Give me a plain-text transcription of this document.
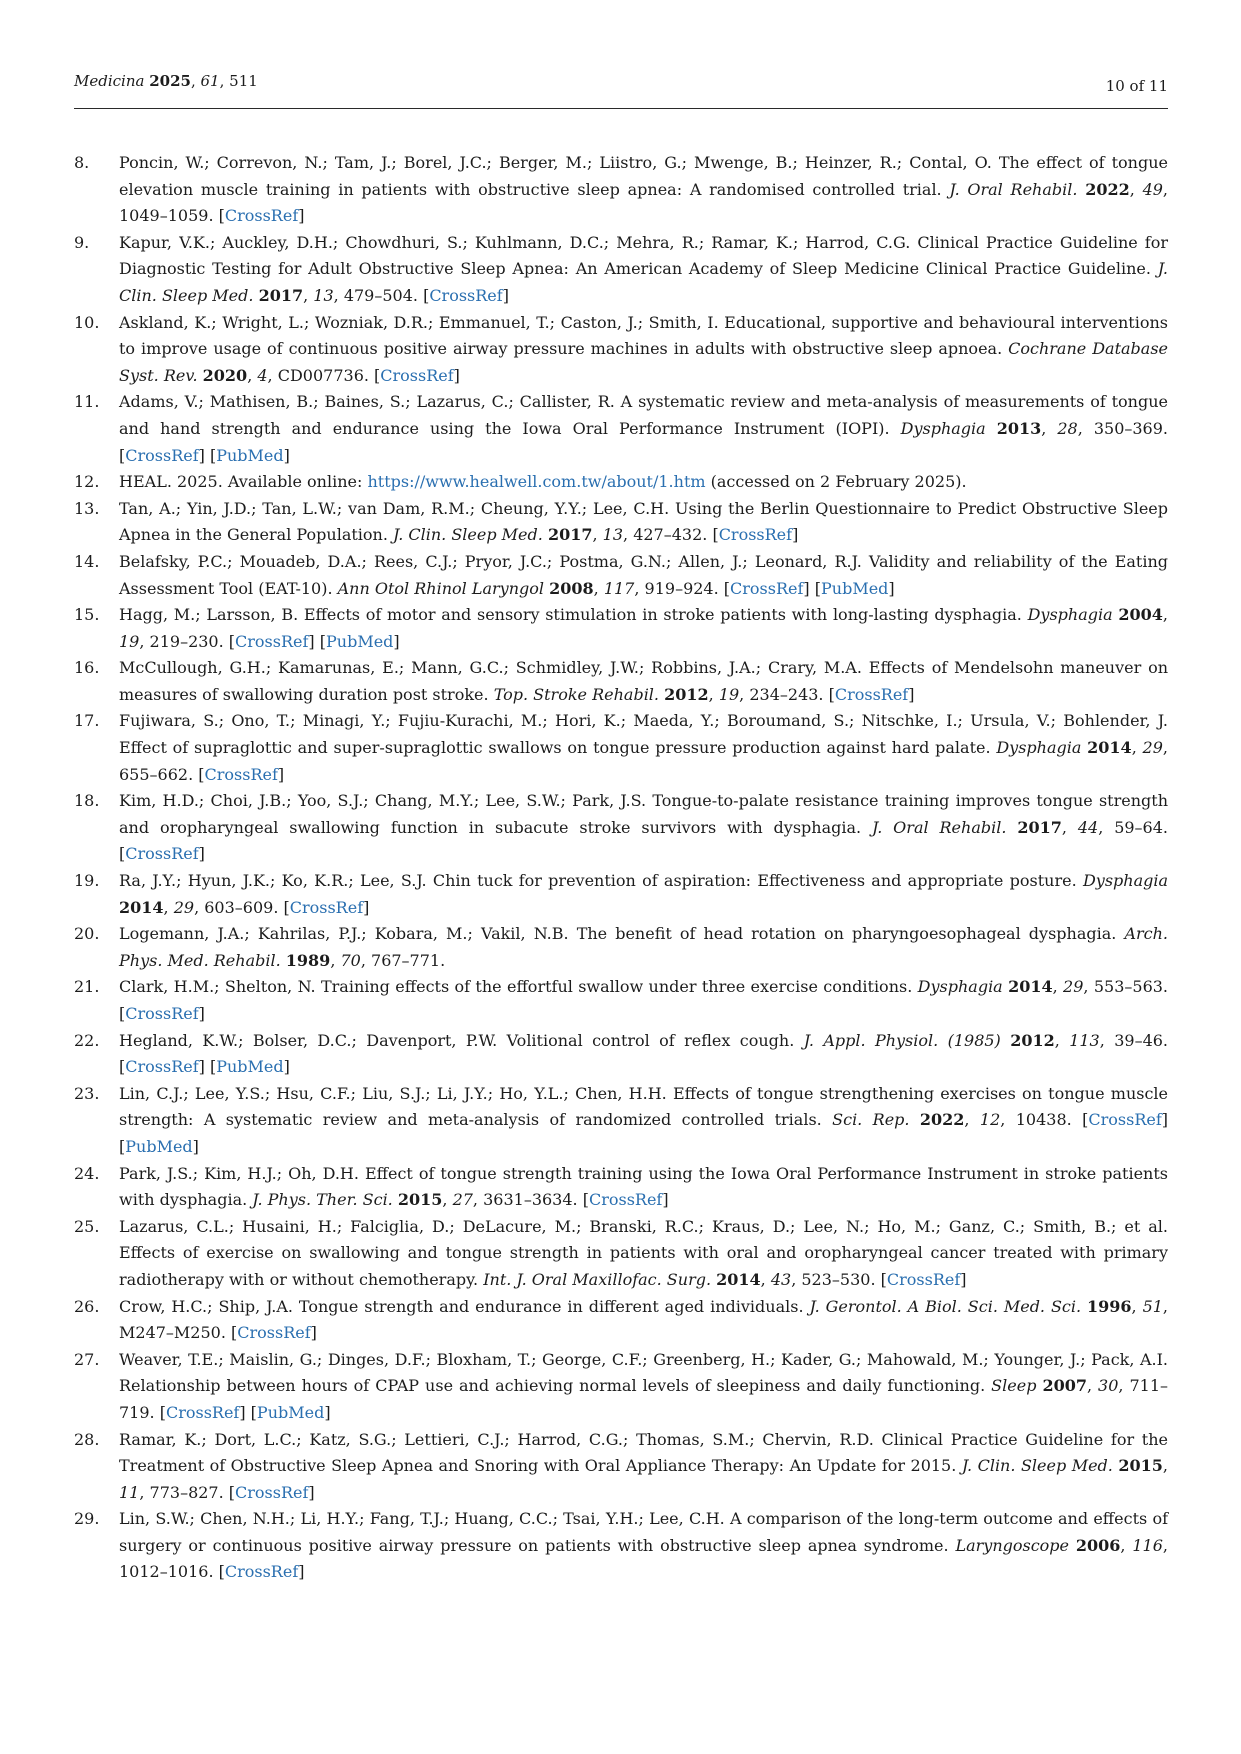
Medicina 2025, 61, 511	10 of 11
8. Poncin, W.; Correvon, N.; Tam, J.; Borel, J.C.; Berger, M.; Liistro, G.; Mwenge, B.; Heinzer, R.; Contal, O. The effect of tongue elevation muscle training in patients with obstructive sleep apnea: A randomised controlled trial. J. Oral Rehabil. 2022, 49, 1049–1059. [CrossRef]
9. Kapur, V.K.; Auckley, D.H.; Chowdhuri, S.; Kuhlmann, D.C.; Mehra, R.; Ramar, K.; Harrod, C.G. Clinical Practice Guideline for Diagnostic Testing for Adult Obstructive Sleep Apnea: An American Academy of Sleep Medicine Clinical Practice Guideline. J. Clin. Sleep Med. 2017, 13, 479–504. [CrossRef]
10. Askland, K.; Wright, L.; Wozniak, D.R.; Emmanuel, T.; Caston, J.; Smith, I. Educational, supportive and behavioural interventions to improve usage of continuous positive airway pressure machines in adults with obstructive sleep apnoea. Cochrane Database Syst. Rev. 2020, 4, CD007736. [CrossRef]
11. Adams, V.; Mathisen, B.; Baines, S.; Lazarus, C.; Callister, R. A systematic review and meta-analysis of measurements of tongue and hand strength and endurance using the Iowa Oral Performance Instrument (IOPI). Dysphagia 2013, 28, 350–369. [CrossRef] [PubMed]
12. HEAL. 2025. Available online: https://www.healwell.com.tw/about/1.htm (accessed on 2 February 2025).
13. Tan, A.; Yin, J.D.; Tan, L.W.; van Dam, R.M.; Cheung, Y.Y.; Lee, C.H. Using the Berlin Questionnaire to Predict Obstructive Sleep Apnea in the General Population. J. Clin. Sleep Med. 2017, 13, 427–432. [CrossRef]
14. Belafsky, P.C.; Mouadeb, D.A.; Rees, C.J.; Pryor, J.C.; Postma, G.N.; Allen, J.; Leonard, R.J. Validity and reliability of the Eating Assessment Tool (EAT-10). Ann Otol Rhinol Laryngol 2008, 117, 919–924. [CrossRef] [PubMed]
15. Hagg, M.; Larsson, B. Effects of motor and sensory stimulation in stroke patients with long-lasting dysphagia. Dysphagia 2004, 19, 219–230. [CrossRef] [PubMed]
16. McCullough, G.H.; Kamarunas, E.; Mann, G.C.; Schmidley, J.W.; Robbins, J.A.; Crary, M.A. Effects of Mendelsohn maneuver on measures of swallowing duration post stroke. Top. Stroke Rehabil. 2012, 19, 234–243. [CrossRef]
17. Fujiwara, S.; Ono, T.; Minagi, Y.; Fujiu-Kurachi, M.; Hori, K.; Maeda, Y.; Boroumand, S.; Nitschke, I.; Ursula, V.; Bohlender, J. Effect of supraglottic and super-supraglottic swallows on tongue pressure production against hard palate. Dysphagia 2014, 29, 655–662. [CrossRef]
18. Kim, H.D.; Choi, J.B.; Yoo, S.J.; Chang, M.Y.; Lee, S.W.; Park, J.S. Tongue-to-palate resistance training improves tongue strength and oropharyngeal swallowing function in subacute stroke survivors with dysphagia. J. Oral Rehabil. 2017, 44, 59–64. [CrossRef]
19. Ra, J.Y.; Hyun, J.K.; Ko, K.R.; Lee, S.J. Chin tuck for prevention of aspiration: Effectiveness and appropriate posture. Dysphagia 2014, 29, 603–609. [CrossRef]
20. Logemann, J.A.; Kahrilas, P.J.; Kobara, M.; Vakil, N.B. The benefit of head rotation on pharyngoesophageal dysphagia. Arch. Phys. Med. Rehabil. 1989, 70, 767–771.
21. Clark, H.M.; Shelton, N. Training effects of the effortful swallow under three exercise conditions. Dysphagia 2014, 29, 553–563. [CrossRef]
22. Hegland, K.W.; Bolser, D.C.; Davenport, P.W. Volitional control of reflex cough. J. Appl. Physiol. (1985) 2012, 113, 39–46. [CrossRef] [PubMed]
23. Lin, C.J.; Lee, Y.S.; Hsu, C.F.; Liu, S.J.; Li, J.Y.; Ho, Y.L.; Chen, H.H. Effects of tongue strengthening exercises on tongue muscle strength: A systematic review and meta-analysis of randomized controlled trials. Sci. Rep. 2022, 12, 10438. [CrossRef] [PubMed]
24. Park, J.S.; Kim, H.J.; Oh, D.H. Effect of tongue strength training using the Iowa Oral Performance Instrument in stroke patients with dysphagia. J. Phys. Ther. Sci. 2015, 27, 3631–3634. [CrossRef]
25. Lazarus, C.L.; Husaini, H.; Falciglia, D.; DeLacure, M.; Branski, R.C.; Kraus, D.; Lee, N.; Ho, M.; Ganz, C.; Smith, B.; et al. Effects of exercise on swallowing and tongue strength in patients with oral and oropharyngeal cancer treated with primary radiotherapy with or without chemotherapy. Int. J. Oral Maxillofac. Surg. 2014, 43, 523–530. [CrossRef]
26. Crow, H.C.; Ship, J.A. Tongue strength and endurance in different aged individuals. J. Gerontol. A Biol. Sci. Med. Sci. 1996, 51, M247–M250. [CrossRef]
27. Weaver, T.E.; Maislin, G.; Dinges, D.F.; Bloxham, T.; George, C.F.; Greenberg, H.; Kader, G.; Mahowald, M.; Younger, J.; Pack, A.I. Relationship between hours of CPAP use and achieving normal levels of sleepiness and daily functioning. Sleep 2007, 30, 711–719. [CrossRef] [PubMed]
28. Ramar, K.; Dort, L.C.; Katz, S.G.; Lettieri, C.J.; Harrod, C.G.; Thomas, S.M.; Chervin, R.D. Clinical Practice Guideline for the Treatment of Obstructive Sleep Apnea and Snoring with Oral Appliance Therapy: An Update for 2015. J. Clin. Sleep Med. 2015, 11, 773–827. [CrossRef]
29. Lin, S.W.; Chen, N.H.; Li, H.Y.; Fang, T.J.; Huang, C.C.; Tsai, Y.H.; Lee, C.H. A comparison of the long-term outcome and effects of surgery or continuous positive airway pressure on patients with obstructive sleep apnea syndrome. Laryngoscope 2006, 116, 1012–1016. [CrossRef]
